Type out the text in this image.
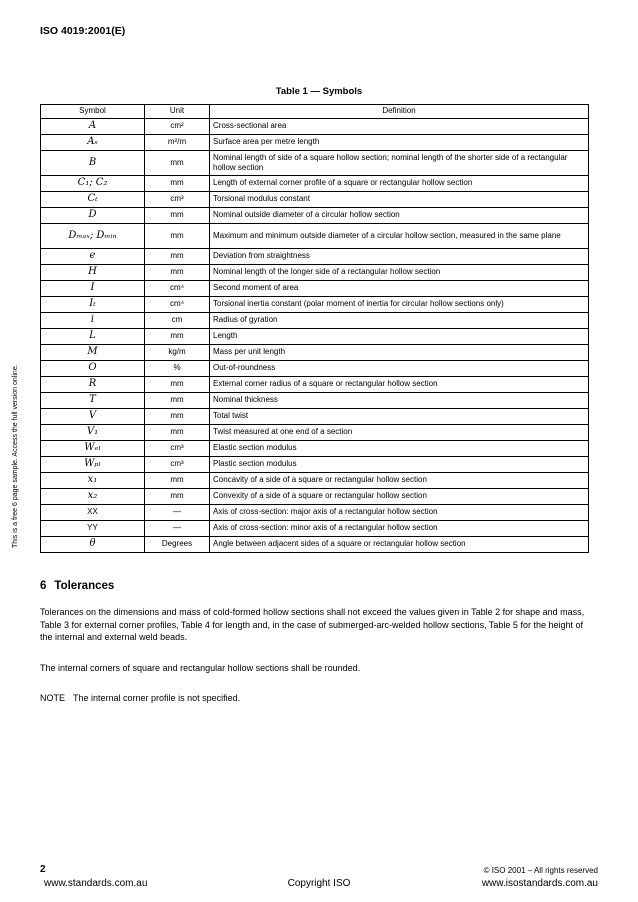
ISO 4019:2001(E)
This is a free 6 page sample. Access the full version online.
Table 1 — Symbols
Symbol	Unit	Definition
A	cm²	Cross-sectional area
Aₛ	m²/m	Surface area per metre length
B	mm	Nominal length of side of a square hollow section; nominal length of the shorter side of a rectangular hollow section
C₁; C₂	mm	Length of external corner profile of a square or rectangular hollow section
Cₜ	cm³	Torsional modulus constant
D	mm	Nominal outside diameter of a circular hollow section
Dₘₐₓ; Dₘᵢₙ	mm	Maximum and minimum outside diameter of a circular hollow section, measured in the same plane
e	mm	Deviation from straightness
H	mm	Nominal length of the longer side of a rectangular hollow section
I	cm⁴	Second moment of area
Iₜ	cm⁴	Torsional inertia constant (polar moment of inertia for circular hollow sections only)
i	cm	Radius of gyration
L	mm	Length
M	kg/m	Mass per unit length
O	%	Out-of-roundness
R	mm	External corner radius of a square or rectangular hollow section
T	mm	Nominal thickness
V	mm	Total twist
V₁	mm	Twist measured at one end of a section
Wₑₗ	cm³	Elastic section modulus
Wₚₗ	cm³	Plastic section modulus
x₁	mm	Concavity of a side of a square or rectangular hollow section
x₂	mm	Convexity of a side of a square or rectangular hollow section
XX	—	Axis of cross-section: major axis of a rectangular hollow section
YY	—	Axis of cross-section: minor axis of a rectangular hollow section
θ	Degrees	Angle between adjacent sides of a square or rectangular hollow section
6 Tolerances

Tolerances on the dimensions and mass of cold-formed hollow sections shall not exceed the values given in Table 2 for shape and mass, Table 3 for external corner profiles, Table 4 for length and, in the case of submerged-arc-welded hollow sections, Table 5 for the height of the internal and external weld beads.

The internal corners of square and rectangular hollow sections shall be rounded.

NOTE The internal corner profile is not specified.

2	© ISO 2001 – All rights reserved
www.standards.com.au	Copyright ISO	www.isostandards.com.au
